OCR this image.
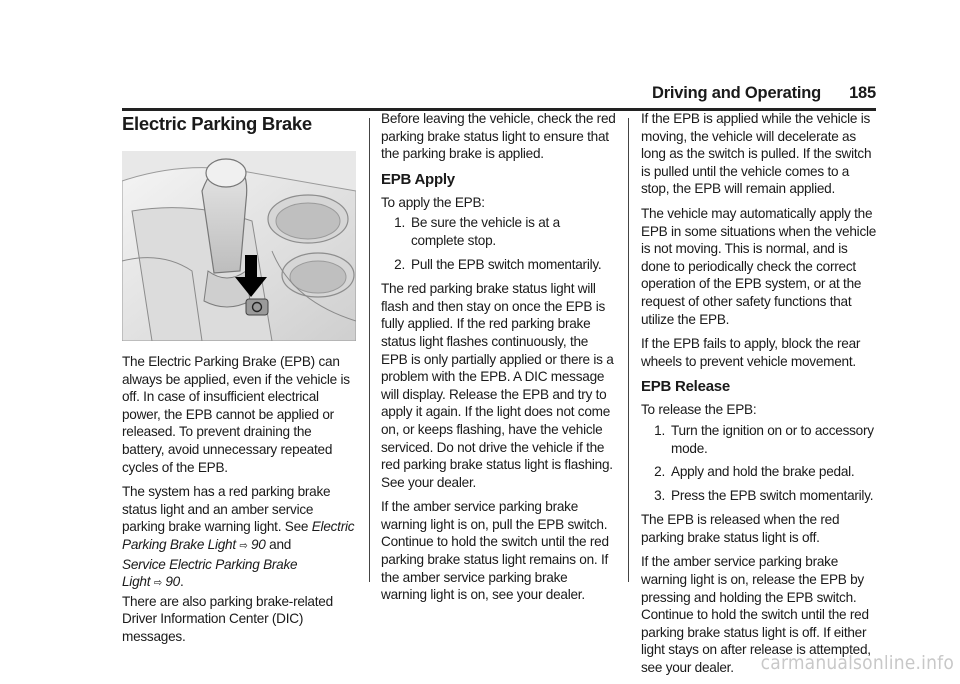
Driving and Operating 185
Electric Parking Brake

The Electric Parking Brake (EPB) can always be applied, even if the vehicle is off. In case of insufficient electrical power, the EPB cannot be applied or released. To prevent draining the battery, avoid unnecessary repeated cycles of the EPB.

The system has a red parking brake status light and an amber service parking brake warning light. See Electric Parking Brake Light ⇨ 90 and
Service Electric Parking Brake Light ⇨ 90.
There are also parking brake-related Driver Information Center (DIC) messages.

Before leaving the vehicle, check the red parking brake status light to ensure that the parking brake is applied.

EPB Apply

To apply the EPB:

1. Be sure the vehicle is at a complete stop.
2. Pull the EPB switch momentarily.

The red parking brake status light will flash and then stay on once the EPB is fully applied. If the red parking brake status light flashes continuously, the EPB is only partially applied or there is a problem with the EPB. A DIC message will display. Release the EPB and try to apply it again. If the light does not come on, or keeps flashing, have the vehicle serviced. Do not drive the vehicle if the red parking brake status light is flashing. See your dealer.

If the amber service parking brake warning light is on, pull the EPB switch. Continue to hold the switch until the red parking brake status light remains on. If the amber service parking brake warning light is on, see your dealer.

If the EPB is applied while the vehicle is moving, the vehicle will decelerate as long as the switch is pulled. If the switch is pulled until the vehicle comes to a stop, the EPB will remain applied.

The vehicle may automatically apply the EPB in some situations when the vehicle is not moving. This is normal, and is done to periodically check the correct operation of the EPB system, or at the request of other safety functions that utilize the EPB.

If the EPB fails to apply, block the rear wheels to prevent vehicle movement.

EPB Release

To release the EPB:

1. Turn the ignition on or to accessory mode.
2. Apply and hold the brake pedal.
3. Press the EPB switch momentarily.

The EPB is released when the red parking brake status light is off.

If the amber service parking brake warning light is on, release the EPB by pressing and holding the EPB switch. Continue to hold the switch until the red parking brake status light is off. If either light stays on after release is attempted, see your dealer.	carmanualsonline.info
